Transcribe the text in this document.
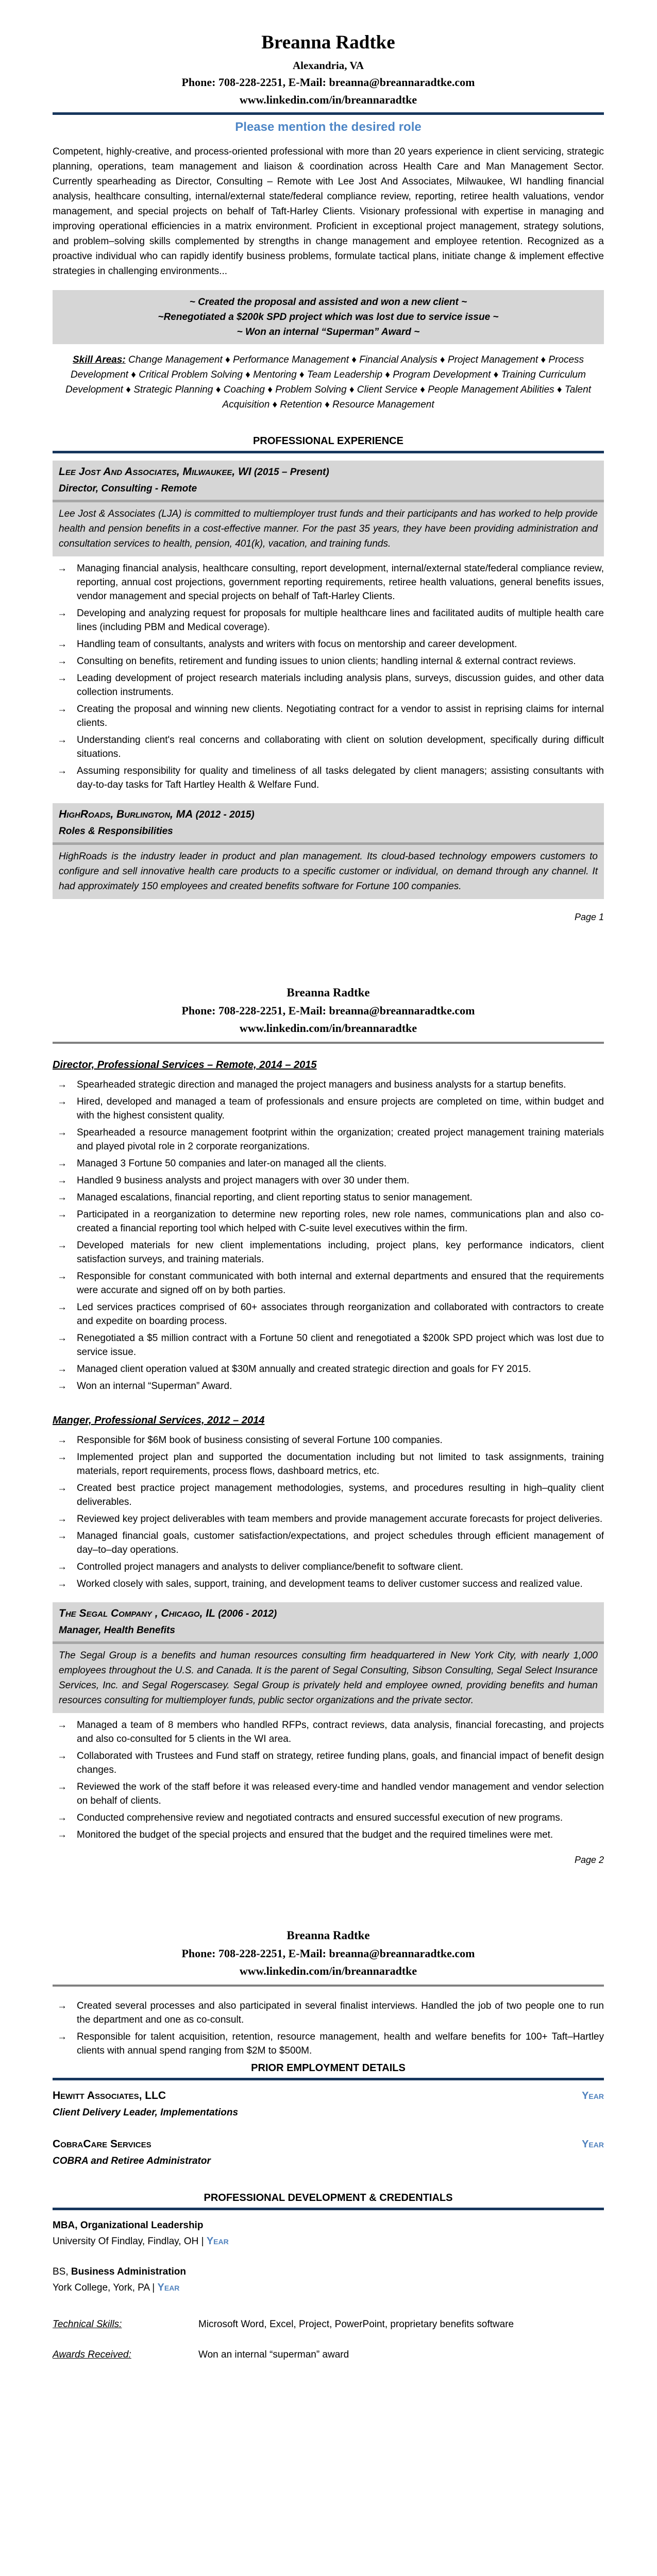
Breanna Radtke
Alexandria, VA
Phone: 708-228-2251, E-Mail: breanna@breannaradtke.com
www.linkedin.com/in/breannaradtke
Please mention the desired role

Competent, highly-creative, and process-oriented professional with more than 20 years experience in client servicing, strategic planning, operations, team management and liaison & coordination across Health Care and Man Management Sector. Currently spearheading as Director, Consulting – Remote with Lee Jost And Associates, Milwaukee, WI handling financial analysis, healthcare consulting, internal/external state/federal compliance review, reporting, retiree health valuations, vendor management, and special projects on behalf of Taft-Harley Clients. Visionary professional with expertise in managing and improving operational efficiencies in a matrix environment. Proficient in exceptional project management, strategy solutions, and problem–solving skills complemented by strengths in change management and employee retention. Recognized as a proactive individual who can rapidly identify business problems, formulate tactical plans, initiate change & implement effective strategies in challenging environments...

~ Created the proposal and assisted and won a new client ~
~Renegotiated a $200k SPD project which was lost due to service issue ~
~ Won an internal “Superman” Award ~

Skill Areas: Change Management ♦ Performance Management ♦ Financial Analysis ♦ Project Management ♦ Process Development ♦ Critical Problem Solving ♦ Mentoring ♦ Team Leadership ♦ Program Development ♦ Training Curriculum Development ♦ Strategic Planning ♦ Coaching ♦ Problem Solving ♦ Client Service ♦ People Management Abilities ♦ Talent Acquisition ♦ Retention ♦ Resource Management

PROFESSIONAL EXPERIENCE
Lee Jost And Associates, Milwaukee, WI (2015 – Present)
Director, Consulting - Remote
Lee Jost & Associates (LJA) is committed to multiemployer trust funds and their participants and has worked to help provide health and pension benefits in a cost-effective manner. For the past 35 years, they have been providing administration and consultation services to health, pension, 401(k), vacation, and training funds.
→ Managing financial analysis, healthcare consulting, report development, internal/external state/federal compliance review, reporting, annual cost projections, government reporting requirements, retiree health valuations, general benefits issues, vendor management and special projects on behalf of Taft-Harley Clients.
→ Developing and analyzing request for proposals for multiple healthcare lines and facilitated audits of multiple health care lines (including PBM and Medical coverage).
→ Handling team of consultants, analysts and writers with focus on mentorship and career development.
→ Consulting on benefits, retirement and funding issues to union clients; handling internal & external contract reviews.
→ Leading development of project research materials including analysis plans, surveys, discussion guides, and other data collection instruments.
→ Creating the proposal and winning new clients. Negotiating contract for a vendor to assist in reprising claims for internal clients.
→ Understanding client's real concerns and collaborating with client on solution development, specifically during difficult situations.
→ Assuming responsibility for quality and timeliness of all tasks delegated by client managers; assisting consultants with day-to-day tasks for Taft Hartley Health & Welfare Fund.
HighRoads, Burlington, MA (2012 - 2015)
Roles & Responsibilities
HighRoads is the industry leader in product and plan management. Its cloud-based technology empowers customers to configure and sell innovative health care products to a specific customer or individual, on demand through any channel. It had approximately 150 employees and created benefits software for Fortune 100 companies.
Page 1
Breanna Radtke
Phone: 708-228-2251, E-Mail: breanna@breannaradtke.com
www.linkedin.com/in/breannaradtke
Director, Professional Services – Remote, 2014 – 2015
→ Spearheaded strategic direction and managed the project managers and business analysts for a startup benefits.
→ Hired, developed and managed a team of professionals and ensure projects are completed on time, within budget and with the highest consistent quality.
→ Spearheaded a resource management footprint within the organization; created project management training materials and played pivotal role in 2 corporate reorganizations.
→ Managed 3 Fortune 50 companies and later-on managed all the clients.
→ Handled 9 business analysts and project managers with over 30 under them.
→ Managed escalations, financial reporting, and client reporting status to senior management.
→ Participated in a reorganization to determine new reporting roles, new role names, communications plan and also co-created a financial reporting tool which helped with C-suite level executives within the firm.
→ Developed materials for new client implementations including, project plans, key performance indicators, client satisfaction surveys, and training materials.
→ Responsible for constant communicated with both internal and external departments and ensured that the requirements were accurate and signed off on by both parties.
→ Led services practices comprised of 60+ associates through reorganization and collaborated with contractors to create and expedite on boarding process.
→ Renegotiated a $5 million contract with a Fortune 50 client and renegotiated a $200k SPD project which was lost due to service issue.
→ Managed client operation valued at $30M annually and created strategic direction and goals for FY 2015.
→ Won an internal “Superman” Award.
Manger, Professional Services, 2012 – 2014
→ Responsible for $6M book of business consisting of several Fortune 100 companies.
→ Implemented project plan and supported the documentation including but not limited to task assignments, training materials, report requirements, process flows, dashboard metrics, etc.
→ Created best practice project management methodologies, systems, and procedures resulting in high–quality client deliverables.
→ Reviewed key project deliverables with team members and provide management accurate forecasts for project deliveries.
→ Managed financial goals, customer satisfaction/expectations, and project schedules through efficient management of day–to–day operations.
→ Controlled project managers and analysts to deliver compliance/benefit to software client.
→ Worked closely with sales, support, training, and development teams to deliver customer success and realized value.
The Segal Company , Chicago, IL (2006 - 2012)
Manager, Health Benefits
The Segal Group is a benefits and human resources consulting firm headquartered in New York City, with nearly 1,000 employees throughout the U.S. and Canada. It is the parent of Segal Consulting, Sibson Consulting, Segal Select Insurance Services, Inc. and Segal Rogerscasey. Segal Group is privately held and employee owned, providing benefits and human resources consulting for multiemployer funds, public sector organizations and the private sector.
→ Managed a team of 8 members who handled RFPs, contract reviews, data analysis, financial forecasting, and projects and also co-consulted for 5 clients in the WI area.
→ Collaborated with Trustees and Fund staff on strategy, retiree funding plans, goals, and financial impact of benefit design changes.
→ Reviewed the work of the staff before it was released every-time and handled vendor management and vendor selection on behalf of clients.
→ Conducted comprehensive review and negotiated contracts and ensured successful execution of new programs.
→ Monitored the budget of the special projects and ensured that the budget and the required timelines were met.
Page 2
Breanna Radtke
Phone: 708-228-2251, E-Mail: breanna@breannaradtke.com
www.linkedin.com/in/breannaradtke
→ Created several processes and also participated in several finalist interviews. Handled the job of two people one to run the department and one as co-consult.
→ Responsible for talent acquisition, retention, resource management, health and welfare benefits for 100+ Taft–Hartley clients with annual spend ranging from $2M to $500M.
PRIOR EMPLOYMENT DETAILS
Hewitt Associates, LLC	Year
Client Delivery Leader, Implementations
CobraCare Services	Year
COBRA and Retiree Administrator
PROFESSIONAL DEVELOPMENT & CREDENTIALS
MBA, Organizational Leadership
University Of Findlay, Findlay, OH | Year
BS, Business Administration
York College, York, PA | Year
Technical Skills:	Microsoft Word, Excel, Project, PowerPoint, proprietary benefits software
Awards Received:	Won an internal “superman” award
